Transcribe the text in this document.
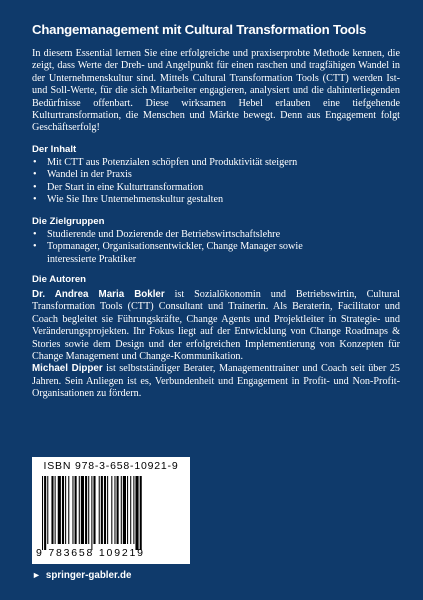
Changemanagement mit Cultural Transformation Tools

In diesem Essential lernen Sie eine erfolgreiche und praxiserprobte Methode kennen, die zeigt, dass Werte der Dreh- und Angelpunkt für einen raschen und tragfähigen Wandel in der Unternehmenskultur sind. Mittels Cultural Transformation Tools (CTT) werden Ist- und Soll-Werte, für die sich Mitarbeiter engagieren, analysiert und die dahinterliegenden Bedürfnisse offenbart. Diese wirksamen Hebel erlauben eine tiefgehende Kulturtransformation, die Menschen und Märkte bewegt. Denn aus Engagement folgt Geschäftserfolg!

Der Inhalt

• Mit CTT aus Potenzialen schöpfen und Produktivität steigern
• Wandel in der Praxis
• Der Start in eine Kulturtransformation
• Wie Sie Ihre Unternehmenskultur gestalten

Die Zielgruppen

• Studierende und Dozierende der Betriebswirtschaftslehre
• Topmanager, Organisationsentwickler, Change Manager sowie interessierte Praktiker

Die Autoren

Dr. Andrea Maria Bokler ist Sozialökonomin und Betriebswirtin, Cultural Transformation Tools (CTT) Consultant und Trainerin. Als Beraterin, Facilitator und Coach begleitet sie Führungskräfte, Change Agents und Projektleiter in Strategie- und Veränderungsprojekten. Ihr Fokus liegt auf der Entwicklung von Change Roadmaps & Stories sowie dem Design und der erfolgreichen Implementierung von Konzepten für Change Management und Change-Kommunikation.

Michael Dipper ist selbstständiger Berater, Managementtrainer und Coach seit über 25 Jahren. Sein Anliegen ist es, Verbundenheit und Engagement in Profit- und Non-Profit-Organisationen zu fördern.

ISBN 978-3-658-10921-9
9 783658 109219
► springer-gabler.de
